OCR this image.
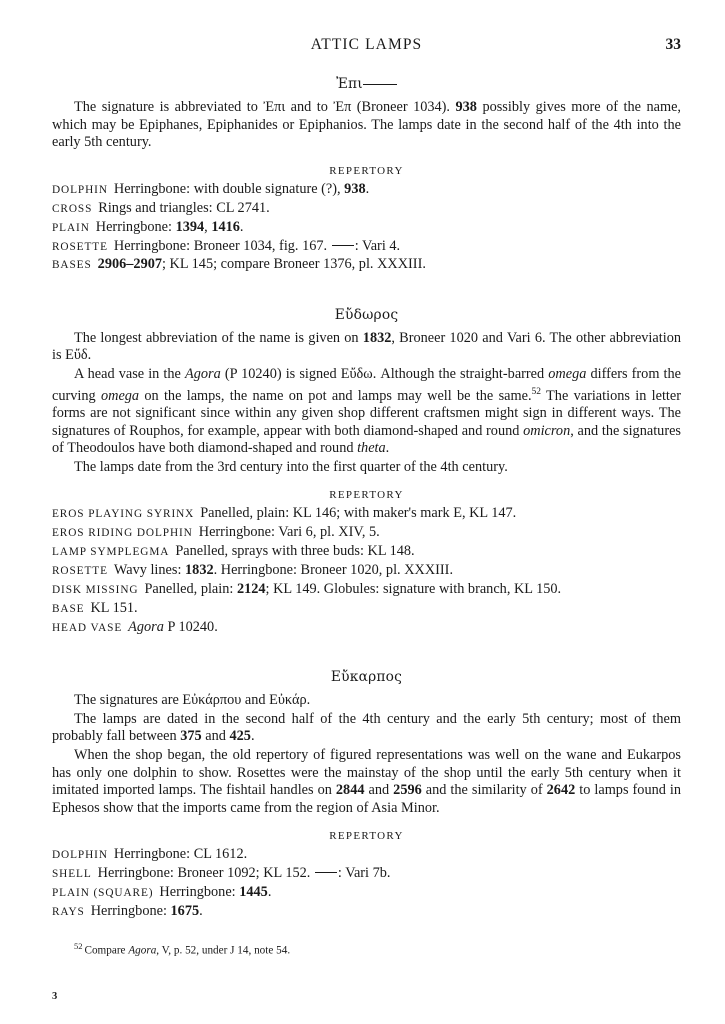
ATTIC LAMPS	33
Ἐπι

The signature is abbreviated to Ἐπι and to Ἐπ (Broneer 1034). 938 possibly gives more of the name, which may be Epiphanes, Epiphanides or Epiphanios. The lamps date in the second half of the 4th into the early 5th century.

REPERTORY
DOLPHIN Herringbone: with double signature (?), 938.
CROSS Rings and triangles: CL 2741.
PLAIN Herringbone: 1394, 1416.
ROSETTE Herringbone: Broneer 1034, fig. 167. : Vari 4.
BASES 2906–2907; KL 145; compare Broneer 1376, pl. XXXIII.
Εὔδωρος

The longest abbreviation of the name is given on 1832, Broneer 1020 and Vari 6. The other abbreviation is Εὔδ.

A head vase in the Agora (P 10240) is signed Εὔδω. Although the straight-barred omega differs from the curving omega on the lamps, the name on pot and lamps may well be the same.$^{52}$ The variations in letter forms are not significant since within any given shop different craftsmen might sign in different ways. The signatures of Rouphos, for example, appear with both diamond-shaped and round omicron, and the signatures of Theodoulos have both diamond-shaped and round theta.

The lamps date from the 3rd century into the first quarter of the 4th century.

REPERTORY
EROS PLAYING SYRINX Panelled, plain: KL 146; with maker's mark E, KL 147.
EROS RIDING DOLPHIN Herringbone: Vari 6, pl. XIV, 5.
LAMP SYMPLEGMA Panelled, sprays with three buds: KL 148.
ROSETTE Wavy lines: 1832. Herringbone: Broneer 1020, pl. XXXIII.
DISK MISSING Panelled, plain: 2124; KL 149. Globules: signature with branch, KL 150.
BASE KL 151.
HEAD VASE Agora P 10240.
Εὔκαρπος

The signatures are Εὐκάρπου and Εὐκάρ.

The lamps are dated in the second half of the 4th century and the early 5th century; most of them probably fall between 375 and 425.

When the shop began, the old repertory of figured representations was well on the wane and Eukarpos has only one dolphin to show. Rosettes were the mainstay of the shop until the early 5th century when it imitated imported lamps. The fishtail handles on 2844 and 2596 and the similarity of 2642 to lamps found in Ephesos show that the imports came from the region of Asia Minor.

REPERTORY
DOLPHIN Herringbone: CL 1612.
SHELL Herringbone: Broneer 1092; KL 152. : Vari 7b.
PLAIN (SQUARE) Herringbone: 1445.
RAYS Herringbone: 1675.
$^{52}$ Compare Agora, V, p. 52, under J 14, note 54.
3
